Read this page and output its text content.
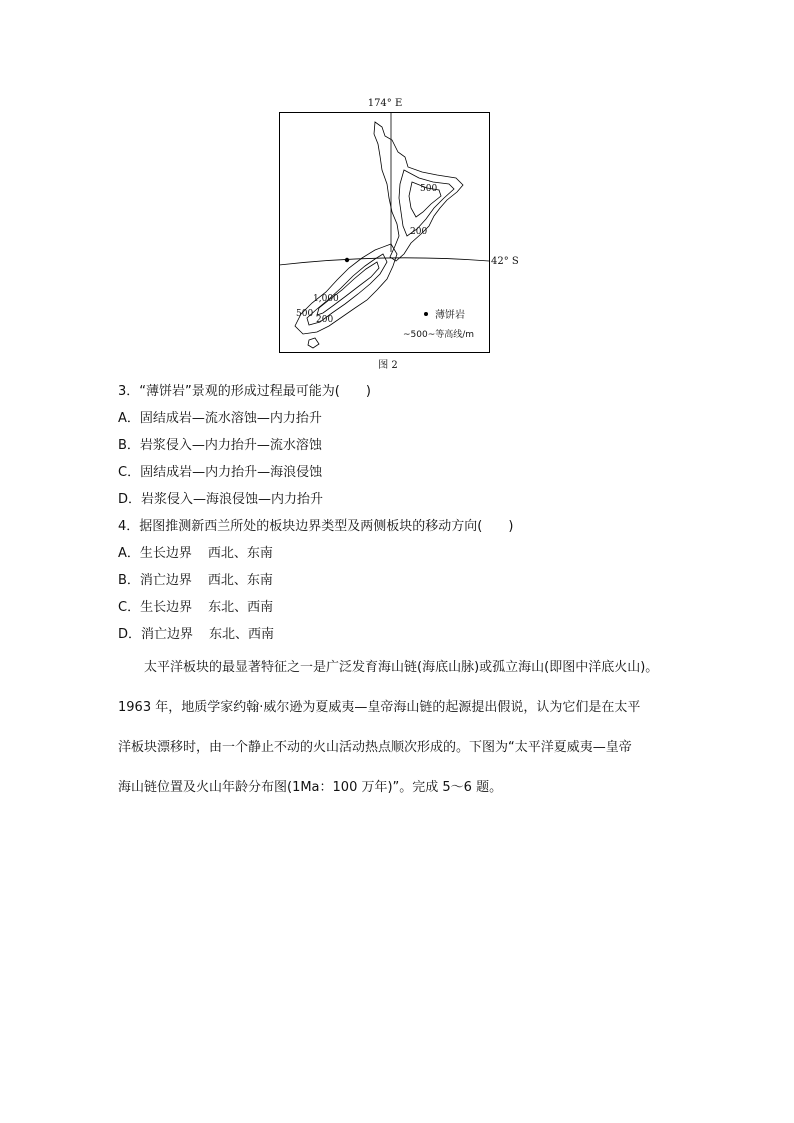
174° E
500
200
1,000
500
200	薄饼岩
~500~等高线/m
42° S
图 2
3．“薄饼岩”景观的形成过程最可能为(　　)
A．固结成岩—流水溶蚀—内力抬升
B．岩浆侵入—内力抬升—流水溶蚀
C．固结成岩—内力抬升—海浪侵蚀
D．岩浆侵入—海浪侵蚀—内力抬升
4．据图推测新西兰所处的板块边界类型及两侧板块的移动方向(　　)
A．生长边界 西北、东南
B．消亡边界 西北、东南
C．生长边界 东北、西南
D．消亡边界 东北、西南
　　太平洋板块的最显著特征之一是广泛发育海山链(海底山脉)或孤立海山(即图中洋底火山)。
1963 年，地质学家约翰·威尔逊为夏威夷—皇帝海山链的起源提出假说，认为它们是在太平
洋板块漂移时，由一个静止不动的火山活动热点顺次形成的。下图为“太平洋夏威夷—皇帝
海山链位置及火山年龄分布图(1Ma：100 万年)”。完成 5～6 题。
